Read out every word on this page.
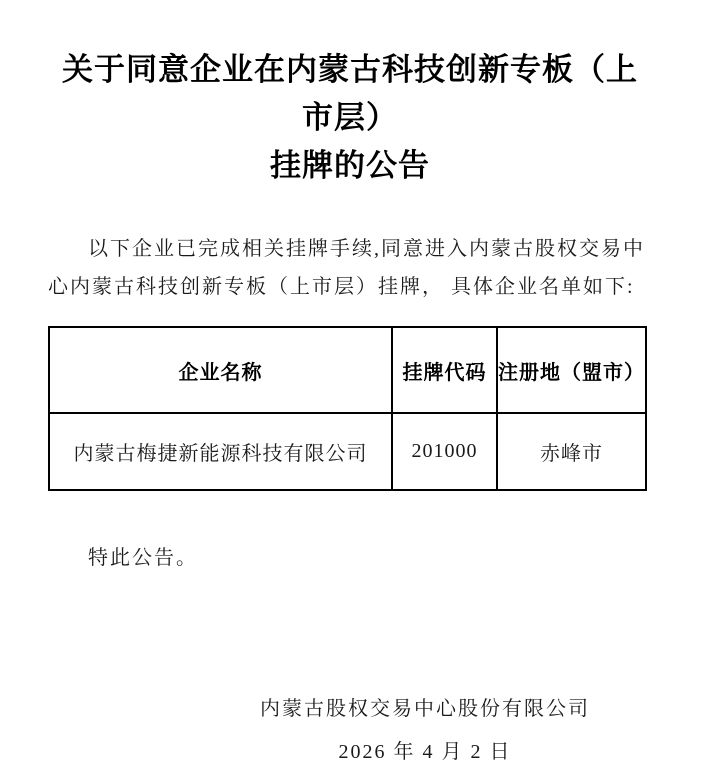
关于同意企业在内蒙古科技创新专板（上市层）
挂牌的公告
以下企业已完成相关挂牌手续,同意进入内蒙古股权交易中
心内蒙古科技创新专板（上市层）挂牌， 具体企业名单如下:
企业名称	挂牌代码	注册地（盟市）
内蒙古梅捷新能源科技有限公司	201000	赤峰市
特此公告。
内蒙古股权交易中心股份有限公司
2026 年 4 月 2 日
